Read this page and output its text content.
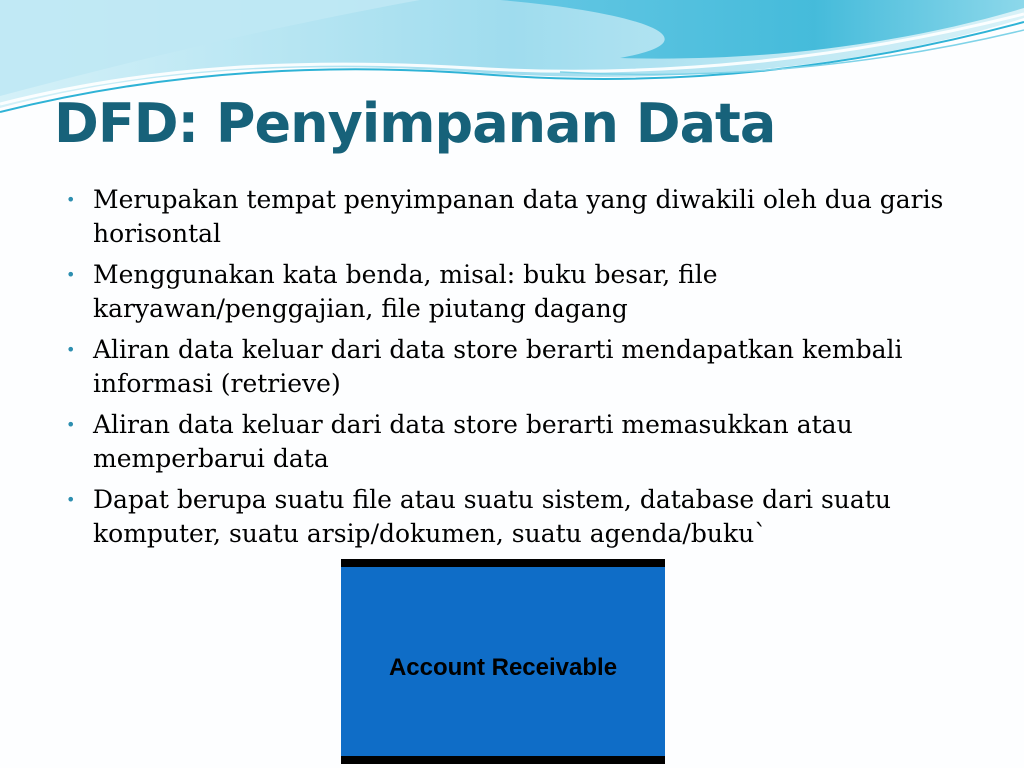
DFD: Penyimpanan Data
• Merupakan tempat penyimpanan data yang diwakili oleh dua garis horisontal
• Menggunakan kata benda, misal: buku besar, file karyawan/penggajian, file piutang dagang
• Aliran data keluar dari data store berarti mendapatkan kembali informasi (retrieve)
• Aliran data keluar dari data store berarti memasukkan atau memperbarui data
• Dapat berupa suatu file atau suatu sistem, database dari suatu komputer, suatu arsip/dokumen, suatu agenda/buku`
Account Receivable
